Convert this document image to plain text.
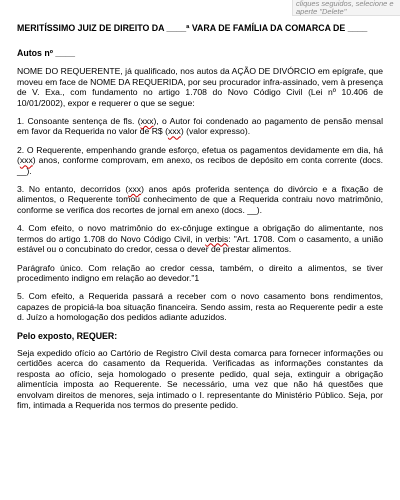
cliques seguidos, selecione e
aperte "Delete"
MERITÍSSIMO JUIZ DE DIREITO DA ____ª VARA DE FAMÍLIA DA COMARCA DE ____
Autos nº ____
NOME DO REQUERENTE, já qualificado, nos autos da AÇÃO DE DIVÓRCIO em epígrafe, que moveu em face de NOME DA REQUERIDA, por seu procurador infra-assinado, vem à presença de V. Exa., com fundamento no artigo 1.708 do Novo Código Civil (Lei nº 10.406 de 10/01/2002), expor e requerer o que se segue:
1. Consoante sentença de fls. (xxx), o Autor foi condenado ao pagamento de pensão mensal em favor da Requerida no valor de R$ (xxx) (valor expresso).
2. O Requerente, empenhando grande esforço, efetua os pagamentos devidamente em dia, há (xxx) anos, conforme comprovam, em anexo, os recibos de depósito em conta corrente (docs. __).
3. No entanto, decorridos (xxx) anos após proferida sentença do divórcio e a fixação de alimentos, o Requerente tomou conhecimento de que a Requerida contraiu novo matrimônio, conforme se verifica dos recortes de jornal em anexo (docs. __).
4. Com efeito, o novo matrimônio do ex-cônjuge extingue a obrigação do alimentante, nos termos do artigo 1.708 do Novo Código Civil, in verbis: "Art. 1708. Com o casamento, a união estável ou o concubinato do credor, cessa o dever de prestar alimentos.
Parágrafo único. Com relação ao credor cessa, também, o direito a alimentos, se tiver procedimento indigno em relação ao devedor."1
5. Com efeito, a Requerida passará a receber com o novo casamento bons rendimentos, capazes de propiciá-la boa situação financeira. Sendo assim, resta ao Requerente pedir a este d. Juízo a homologação dos pedidos adiante aduzidos.
Pelo exposto, REQUER:
Seja expedido ofício ao Cartório de Registro Civil desta comarca para fornecer informações ou certidões acerca do casamento da Requerida. Verificadas as informações constantes da resposta ao ofício, seja homologado o presente pedido, qual seja, extinguir a obrigação alimentícia imposta ao Requerente. Se necessário, uma vez que não há questões que envolvam direitos de menores, seja intimado o I. representante do Ministério Público. Seja, por fim, intimada a Requerida nos termos do presente pedido.
